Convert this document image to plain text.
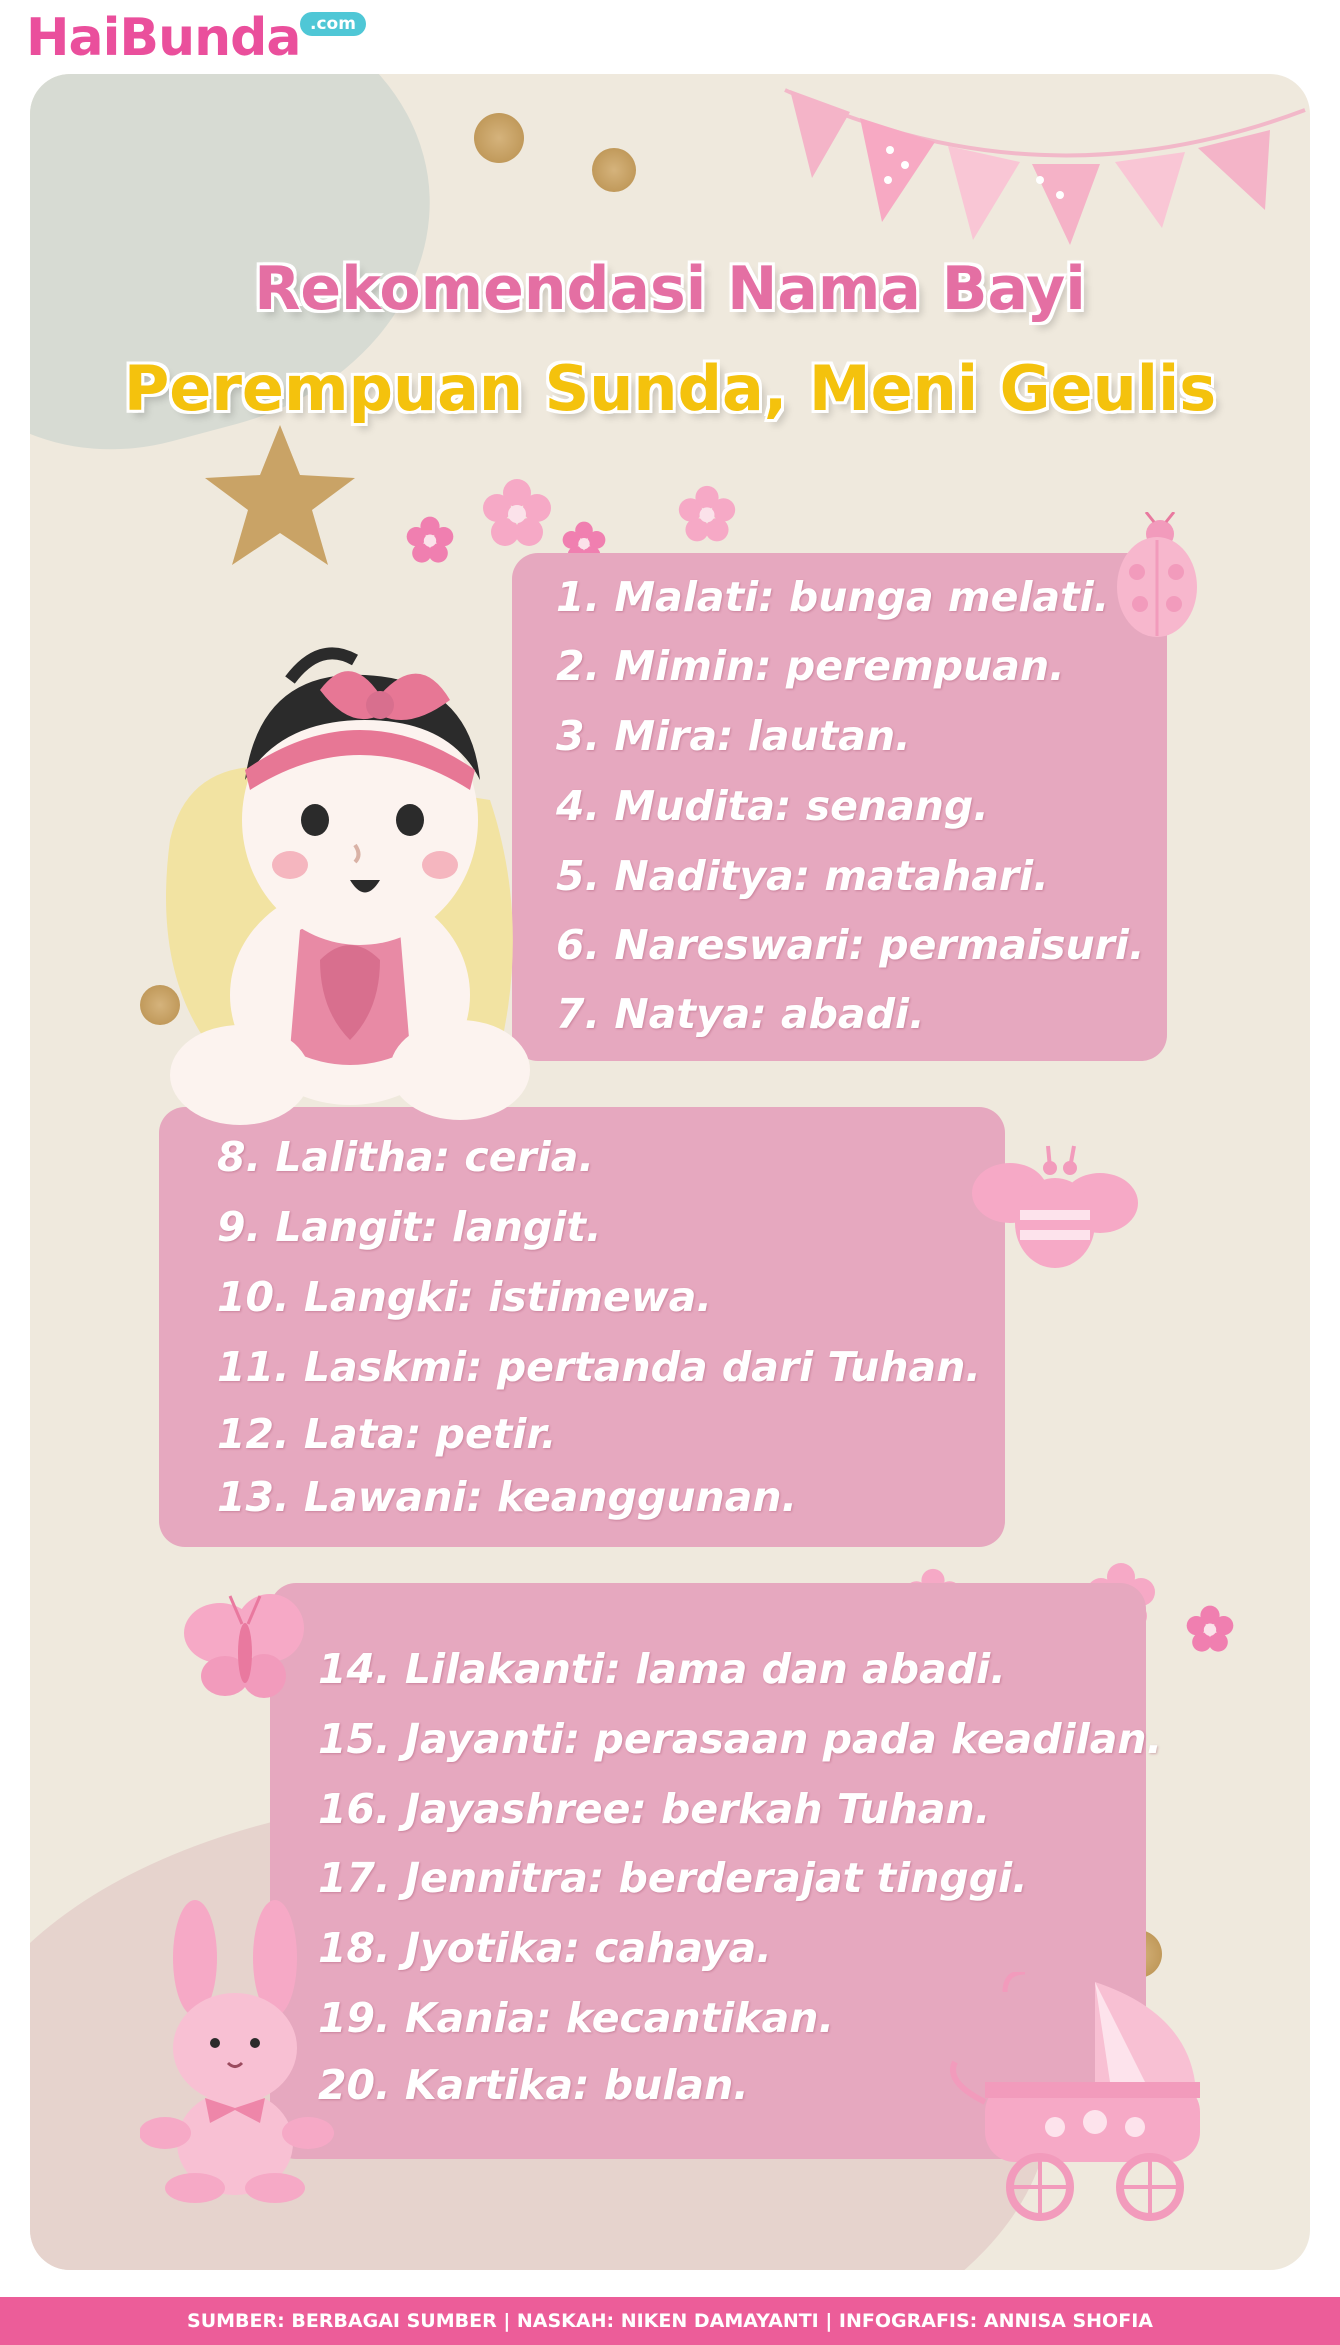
HaiBunda .com
Rekomendasi Nama Bayi
Perempuan Sunda, Meni Geulis
1. Malati: bunga melati.
2. Mimin: perempuan.
3. Mira: lautan.
4. Mudita: senang.
5. Naditya: matahari.
6. Nareswari: permaisuri.
7. Natya: abadi.
8. Lalitha: ceria.
9. Langit: langit.
10. Langki: istimewa.
11. Laskmi: pertanda dari Tuhan.
12. Lata: petir.
13. Lawani: keanggunan.
14. Lilakanti: lama dan abadi.
15. Jayanti: perasaan pada keadilan.
16. Jayashree: berkah Tuhan.
17. Jennitra: berderajat tinggi.
18. Jyotika: cahaya.
19. Kania: kecantikan.
20. Kartika: bulan.
SUMBER: BERBAGAI SUMBER | NASKAH: NIKEN DAMAYANTI | INFOGRAFIS: ANNISA SHOFIA
